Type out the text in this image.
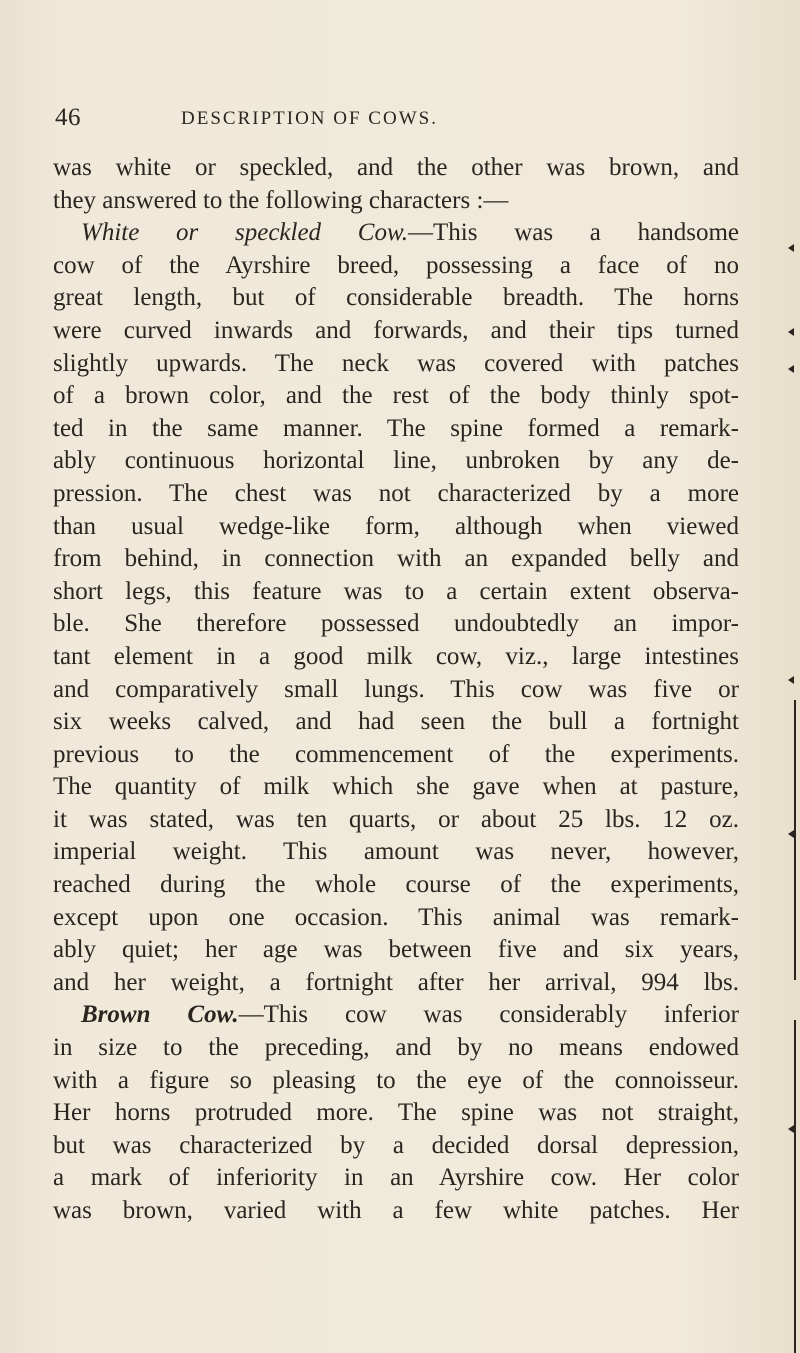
46	DESCRIPTION OF COWS.
was white or speckled, and the other was brown, and
they answered to the following characters :—
White or speckled Cow.—This was a handsome
cow of the Ayrshire breed, possessing a face of no
great length, but of considerable breadth. The horns
were curved inwards and forwards, and their tips turned
slightly upwards. The neck was covered with patches
of a brown color, and the rest of the body thinly spot-
ted in the same manner. The spine formed a remark-
ably continuous horizontal line, unbroken by any de-
pression. The chest was not characterized by a more
than usual wedge-like form, although when viewed
from behind, in connection with an expanded belly and
short legs, this feature was to a certain extent observa-
ble. She therefore possessed undoubtedly an impor-
tant element in a good milk cow, viz., large intestines
and comparatively small lungs. This cow was five or
six weeks calved, and had seen the bull a fortnight
previous to the commencement of the experiments.
The quantity of milk which she gave when at pasture,
it was stated, was ten quarts, or about 25 lbs. 12 oz.
imperial weight. This amount was never, however,
reached during the whole course of the experiments,
except upon one occasion. This animal was remark-
ably quiet; her age was between five and six years,
and her weight, a fortnight after her arrival, 994 lbs.
Brown Cow.—This cow was considerably inferior
in size to the preceding, and by no means endowed
with a figure so pleasing to the eye of the connoisseur.
Her horns protruded more. The spine was not straight,
but was characterized by a decided dorsal depression,
a mark of inferiority in an Ayrshire cow. Her color
was brown, varied with a few white patches. Her
